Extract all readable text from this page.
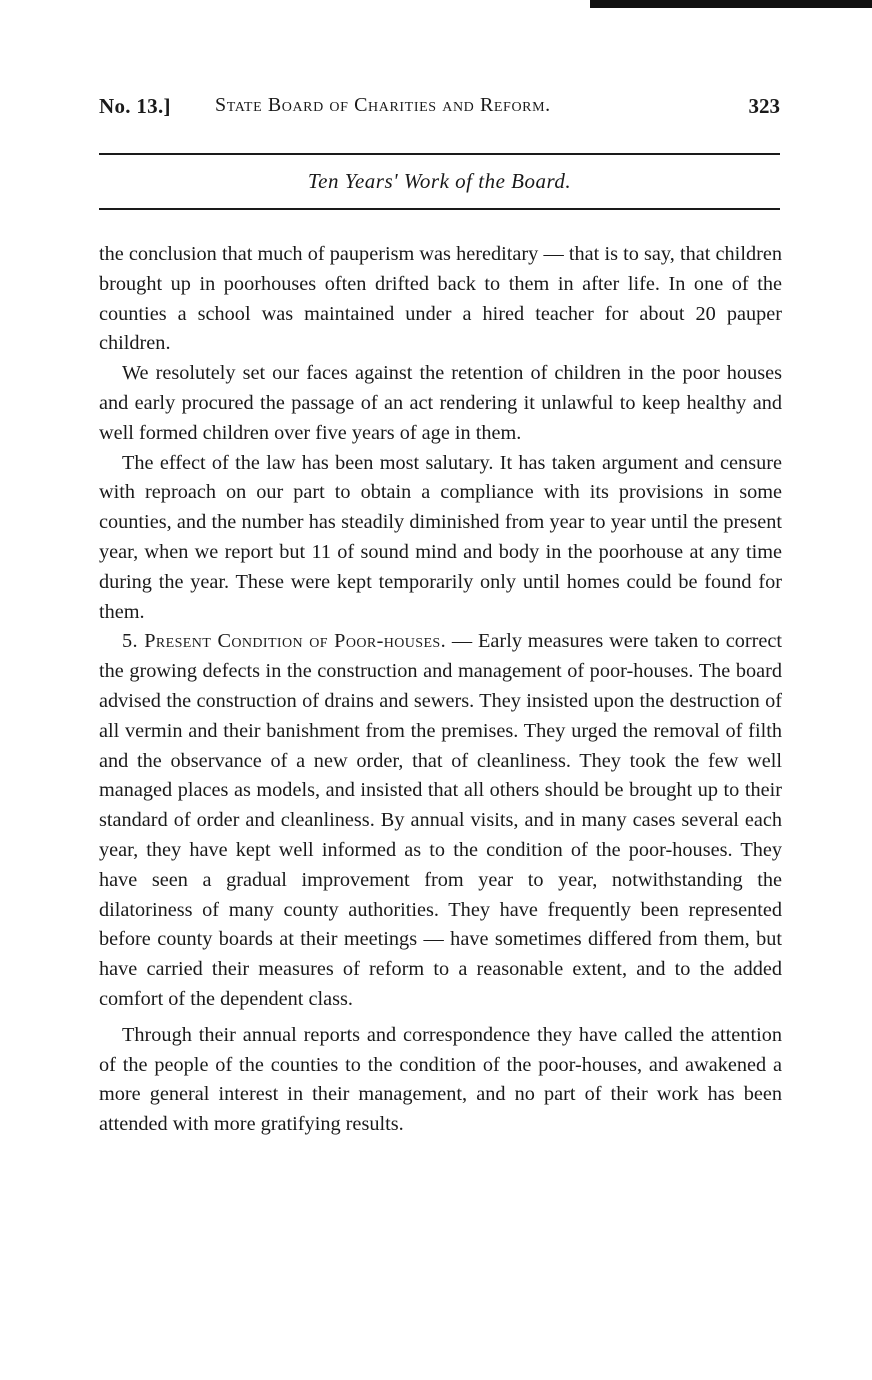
No. 13.] State Board of Charities and Reform.	323
Ten Years' Work of the Board.

the conclusion that much of pauperism was hereditary — that is to say, that children brought up in poorhouses often drifted back to them in after life. In one of the counties a school was maintained under a hired teacher for about 20 pauper children.

We resolutely set our faces against the retention of children in the poor houses and early procured the passage of an act rendering it unlawful to keep healthy and well formed children over five years of age in them.

The effect of the law has been most salutary. It has taken argument and censure with reproach on our part to obtain a compliance with its provisions in some counties, and the number has steadily diminished from year to year until the present year, when we report but 11 of sound mind and body in the poorhouse at any time during the year. These were kept temporarily only until homes could be found for them.

5. Present Condition of Poor-houses. — Early measures were taken to correct the growing defects in the construction and management of poor-houses. The board advised the construction of drains and sewers. They insisted upon the destruction of all vermin and their banishment from the premises. They urged the removal of filth and the observance of a new order, that of cleanliness. They took the few well managed places as models, and insisted that all others should be brought up to their standard of order and cleanliness. By annual visits, and in many cases several each year, they have kept well informed as to the condition of the poor-houses. They have seen a gradual improvement from year to year, notwithstanding the dilatoriness of many county authorities. They have frequently been represented before county boards at their meetings — have sometimes differed from them, but have carried their measures of reform to a reasonable extent, and to the added comfort of the dependent class.

Through their annual reports and correspondence they have called the attention of the people of the counties to the condition of the poor-houses, and awakened a more general interest in their management, and no part of their work has been attended with more gratifying results.
